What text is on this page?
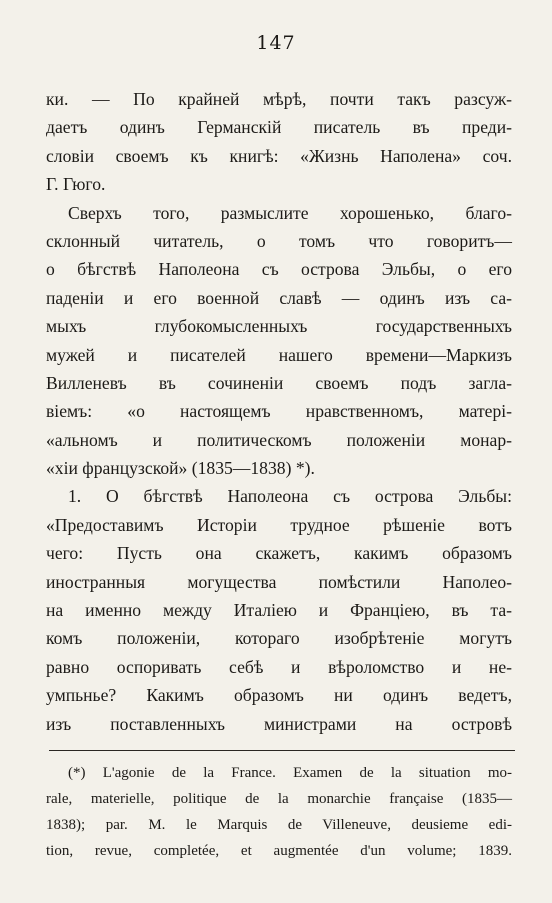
147
ки. — По крайней мѣрѣ, почти такъ разсуж-
даетъ одинъ Германскій писатель въ преди-
словіи своемъ къ книгѣ: «Жизнь Наполена» соч.
Г. Гюго.
Сверхъ того, размыслите хорошенько, благо-
склонный читатель, о томъ что говоритъ—
о бѣгствѣ Наполеона съ острова Эльбы, о его
паденіи и его военной славѣ — одинъ изъ са-
мыхъ глубокомысленныхъ государственныхъ
мужей и писателей нашего времени—Маркизъ
Вилленевъ въ сочиненіи своемъ подъ загла-
віемъ: «о настоящемъ нравственномъ, матері-
«альномъ и политическомъ положеніи монар-
«хіи французской» (1835—1838) *).
1. О бѣгствѣ Наполеона съ острова Эльбы:
«Предоставимъ Исторіи трудное рѣшеніе вотъ
чего: Пусть она скажетъ, какимъ образомъ
иностранныя могущества помѣстили Наполео-
на именно между Италіею и Франціею, въ та-
комъ положеніи, котораго изобрѣтеніе могутъ
равно оспоривать себѣ и вѣроломство и не-
умпьнье? Какимъ образомъ ни одинъ ведетъ,
изъ поставленныхъ министрами на островѣ
(*) L'agonie de la France. Examen de la situation mo-
rale, materielle, politique de la monarchie française (1835—
1838); par. M. le Marquis de Villeneuve, deusieme edi-
tion, revue, completée, et augmentée d'un volume; 1839.
